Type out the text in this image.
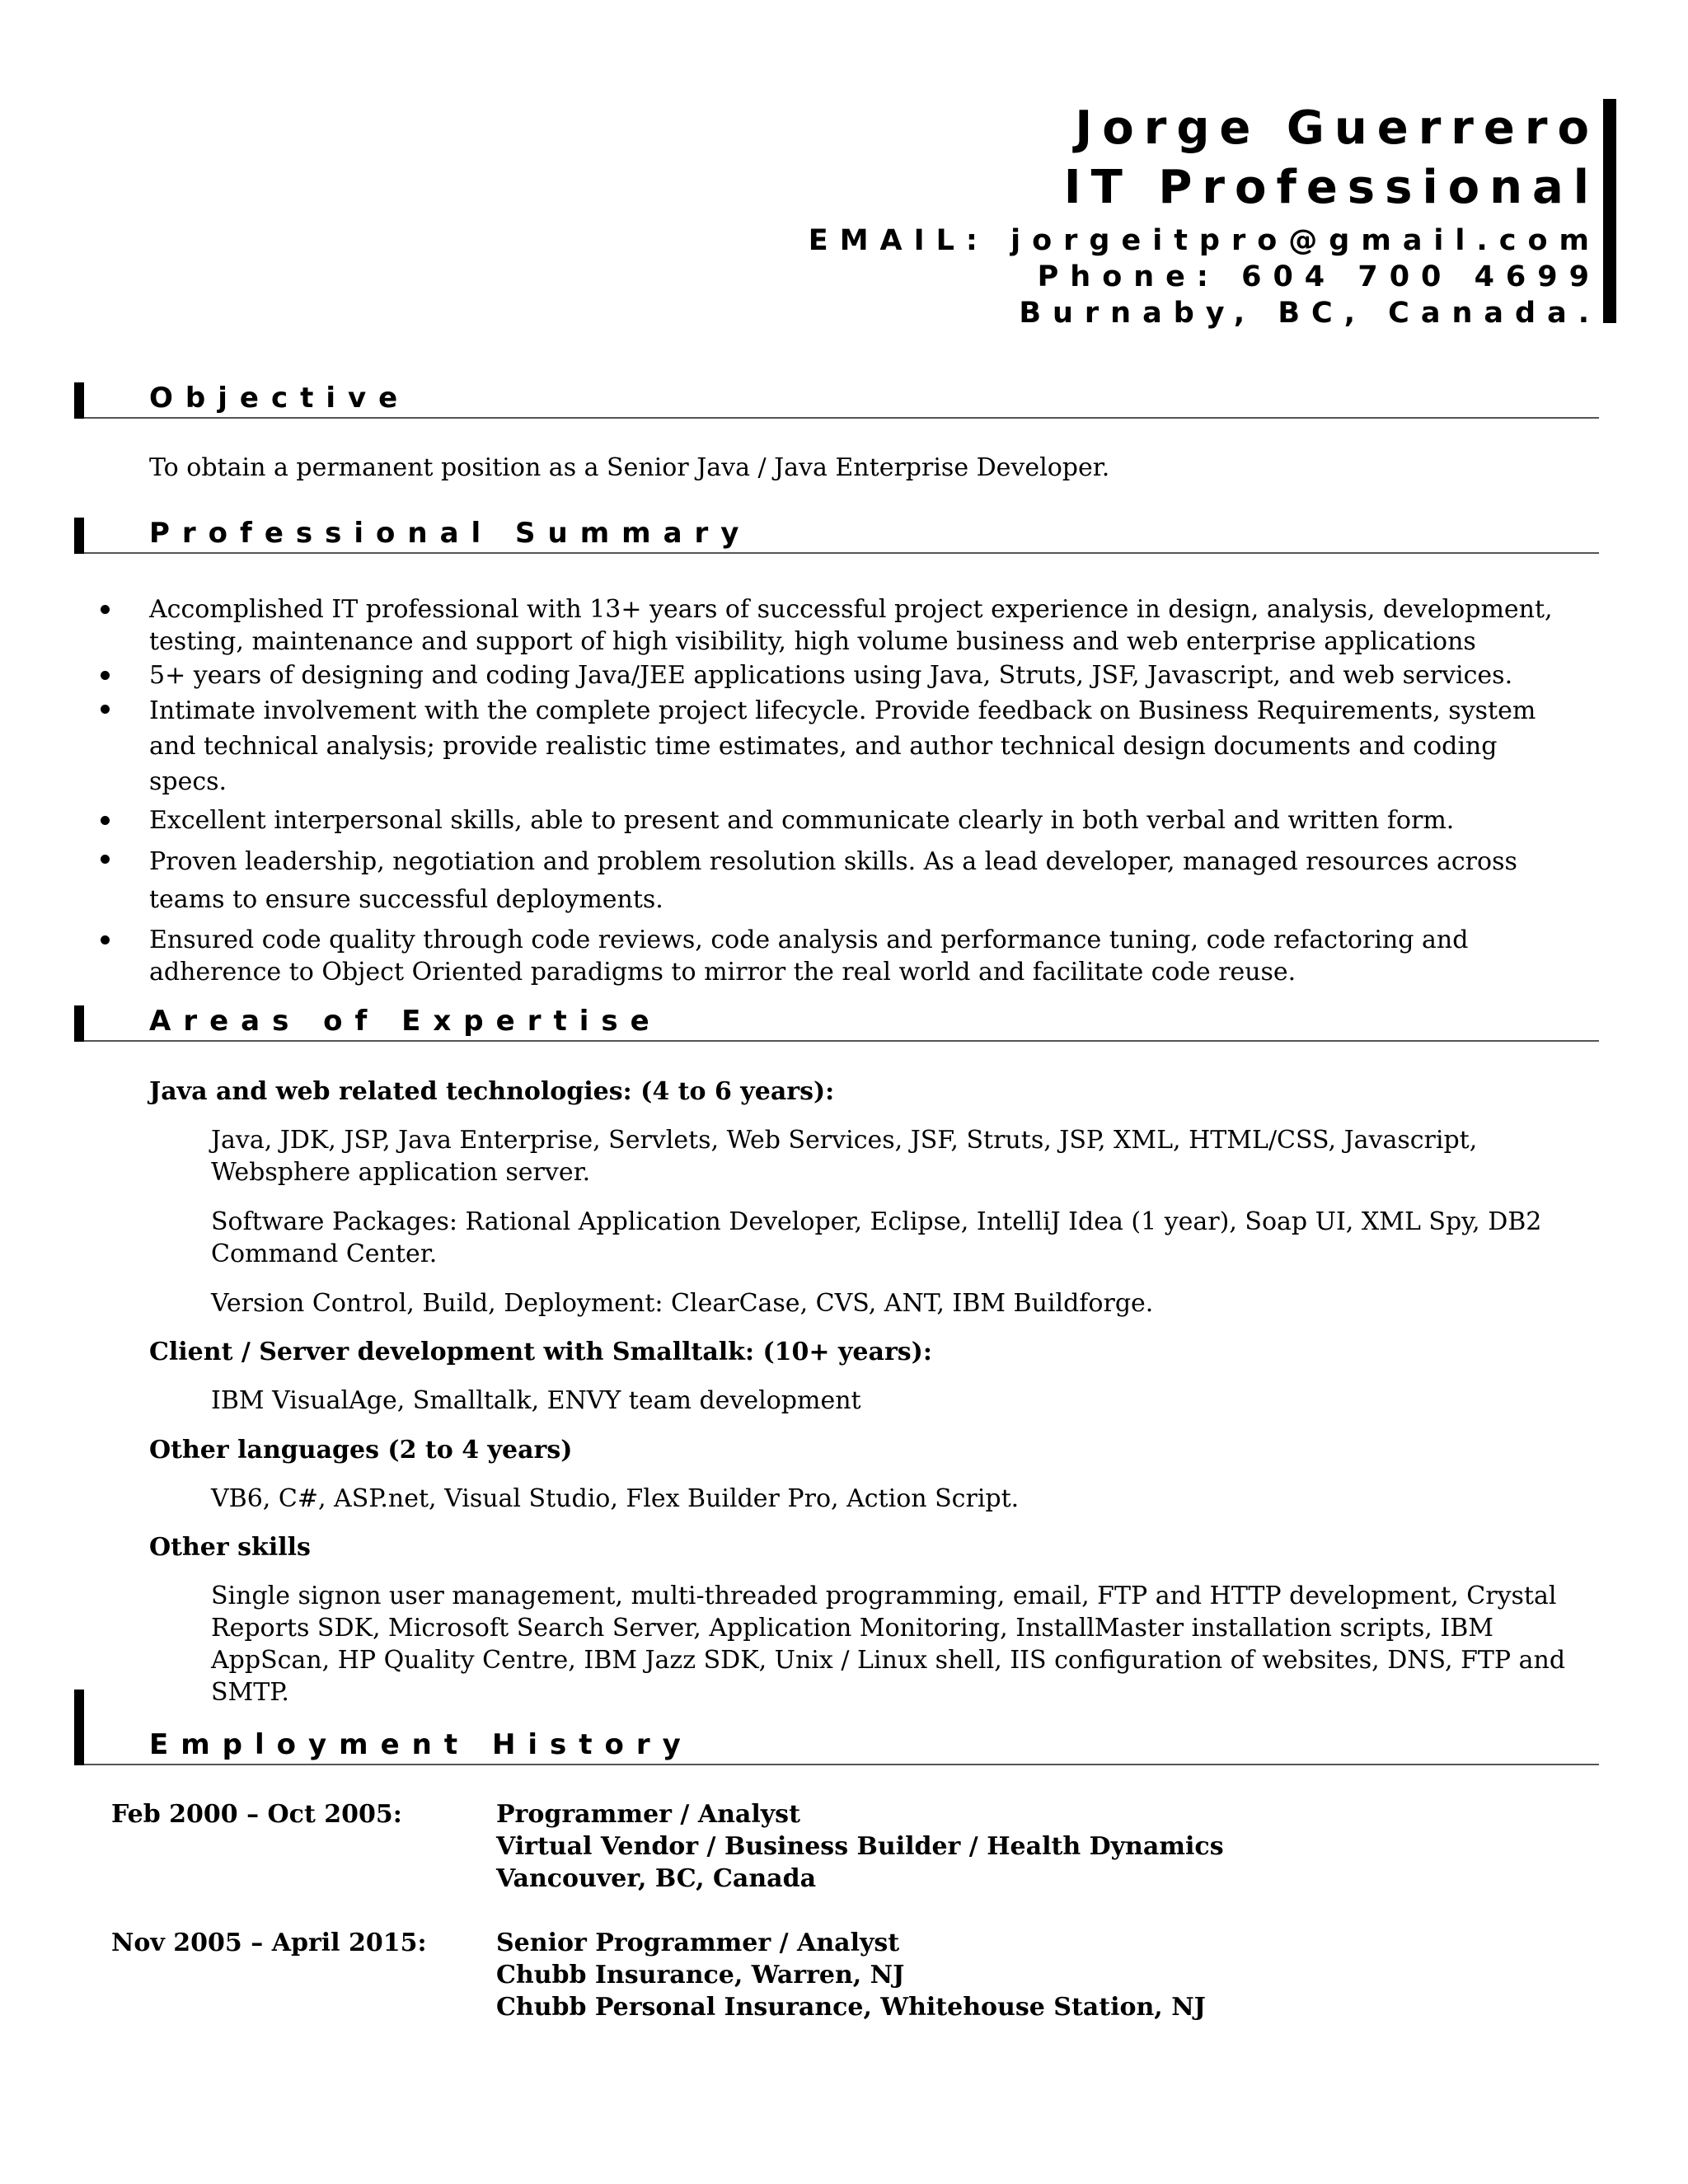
Jorge Guerrero
IT Professional
EMAIL: jorgeitpro@gmail.com
Phone: 604 700 4699
Burnaby, BC, Canada.
Objective
To obtain a permanent position as a Senior Java / Java Enterprise Developer.
Professional Summary
Accomplished IT professional with 13+ years of successful project experience in design, analysis, development, testing, maintenance and support of high visibility, high volume business and web enterprise applications
5+ years of designing and coding Java/JEE applications using Java, Struts, JSF, Javascript, and web services.
Intimate involvement with the complete project lifecycle. Provide feedback on Business Requirements, system and technical analysis; provide realistic time estimates, and author technical design documents and coding specs.
Excellent interpersonal skills, able to present and communicate clearly in both verbal and written form.
Proven leadership, negotiation and problem resolution skills. As a lead developer, managed resources across teams to ensure successful deployments.
Ensured code quality through code reviews, code analysis and performance tuning, code refactoring and adherence to Object Oriented paradigms to mirror the real world and facilitate code reuse.
Areas of Expertise
Java and web related technologies: (4 to 6 years):
Java, JDK, JSP, Java Enterprise, Servlets, Web Services, JSF, Struts, JSP, XML, HTML/CSS, Javascript, Websphere application server.
Software Packages: Rational Application Developer, Eclipse, IntelliJ Idea (1 year), Soap UI, XML Spy, DB2 Command Center.
Version Control, Build, Deployment: ClearCase, CVS, ANT, IBM Buildforge.
Client / Server development with Smalltalk: (10+ years):
IBM VisualAge, Smalltalk, ENVY team development
Other languages (2 to 4 years)
VB6, C#, ASP.net, Visual Studio, Flex Builder Pro, Action Script.
Other skills
Single signon user management, multi-threaded programming, email, FTP and HTTP development, Crystal Reports SDK, Microsoft Search Server, Application Monitoring, InstallMaster installation scripts, IBM AppScan, HP Quality Centre, IBM Jazz SDK, Unix / Linux shell, IIS configuration of websites, DNS, FTP and SMTP.
Employment History
Feb 2000 – Oct 2005:	Programmer / Analyst
Virtual Vendor / Business Builder / Health Dynamics
Vancouver, BC, Canada
Nov 2005 – April 2015:	Senior Programmer / Analyst
Chubb Insurance, Warren, NJ
Chubb Personal Insurance, Whitehouse Station, NJ
